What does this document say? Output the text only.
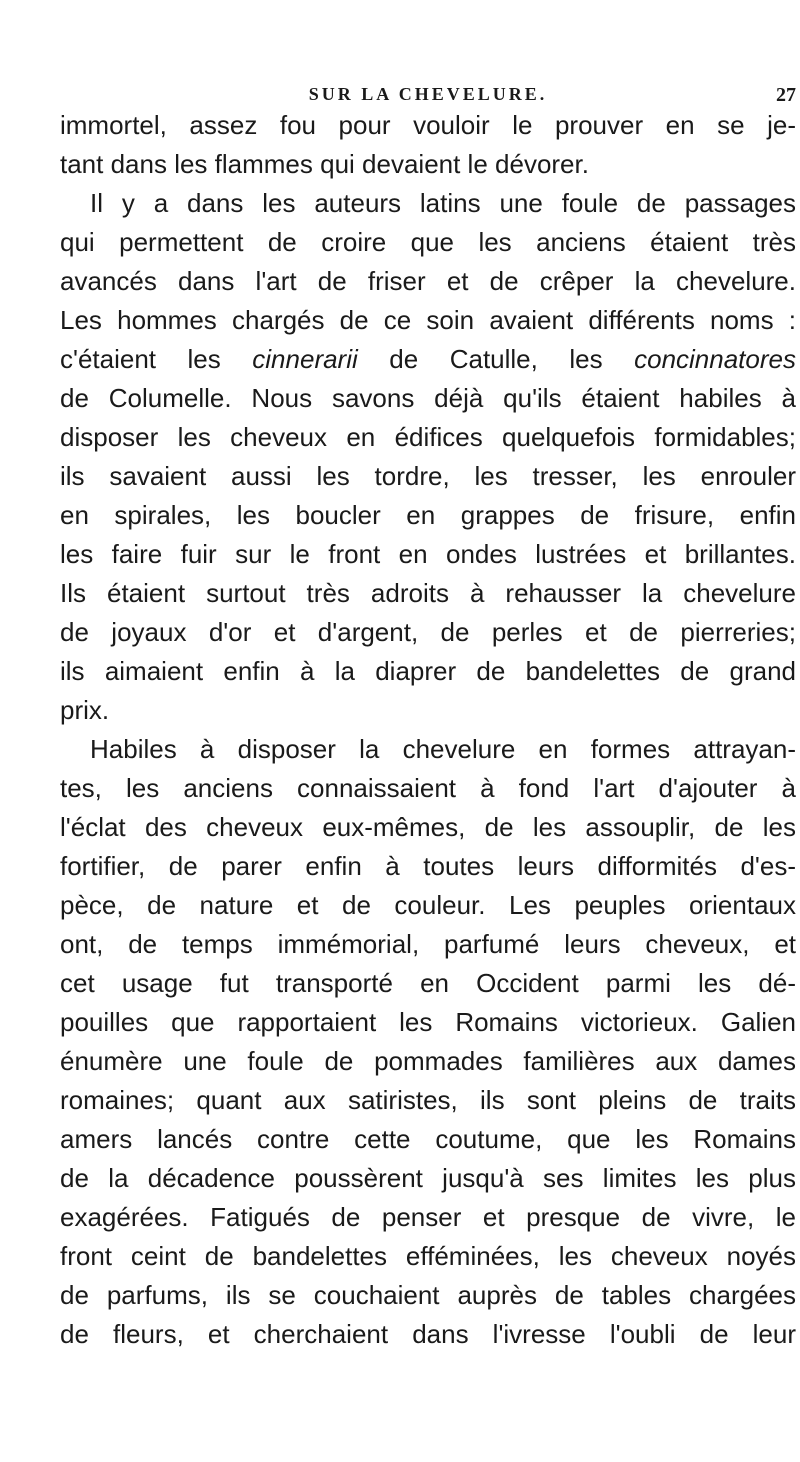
SUR LA CHEVELURE.	27
immortel, assez fou pour vouloir le prouver en se je-
tant dans les flammes qui devaient le dévorer.
Il y a dans les auteurs latins une foule de passages
qui permettent de croire que les anciens étaient très
avancés dans l'art de friser et de crêper la chevelure.
Les hommes chargés de ce soin avaient différents noms :
c'étaient les cinnerarii de Catulle, les concinnatores
de Columelle. Nous savons déjà qu'ils étaient habiles à
disposer les cheveux en édifices quelquefois formidables;
ils savaient aussi les tordre, les tresser, les enrouler
en spirales, les boucler en grappes de frisure, enfin
les faire fuir sur le front en ondes lustrées et brillantes.
Ils étaient surtout très adroits à rehausser la chevelure
de joyaux d'or et d'argent, de perles et de pierreries;
ils aimaient enfin à la diaprer de bandelettes de grand
prix.
Habiles à disposer la chevelure en formes attrayan-
tes, les anciens connaissaient à fond l'art d'ajouter à
l'éclat des cheveux eux-mêmes, de les assouplir, de les
fortifier, de parer enfin à toutes leurs difformités d'es-
pèce, de nature et de couleur. Les peuples orientaux
ont, de temps immémorial, parfumé leurs cheveux, et
cet usage fut transporté en Occident parmi les dé-
pouilles que rapportaient les Romains victorieux. Galien
énumère une foule de pommades familières aux dames
romaines; quant aux satiristes, ils sont pleins de traits
amers lancés contre cette coutume, que les Romains
de la décadence poussèrent jusqu'à ses limites les plus
exagérées. Fatigués de penser et presque de vivre, le
front ceint de bandelettes efféminées, les cheveux noyés
de parfums, ils se couchaient auprès de tables chargées
de fleurs, et cherchaient dans l'ivresse l'oubli de leur
